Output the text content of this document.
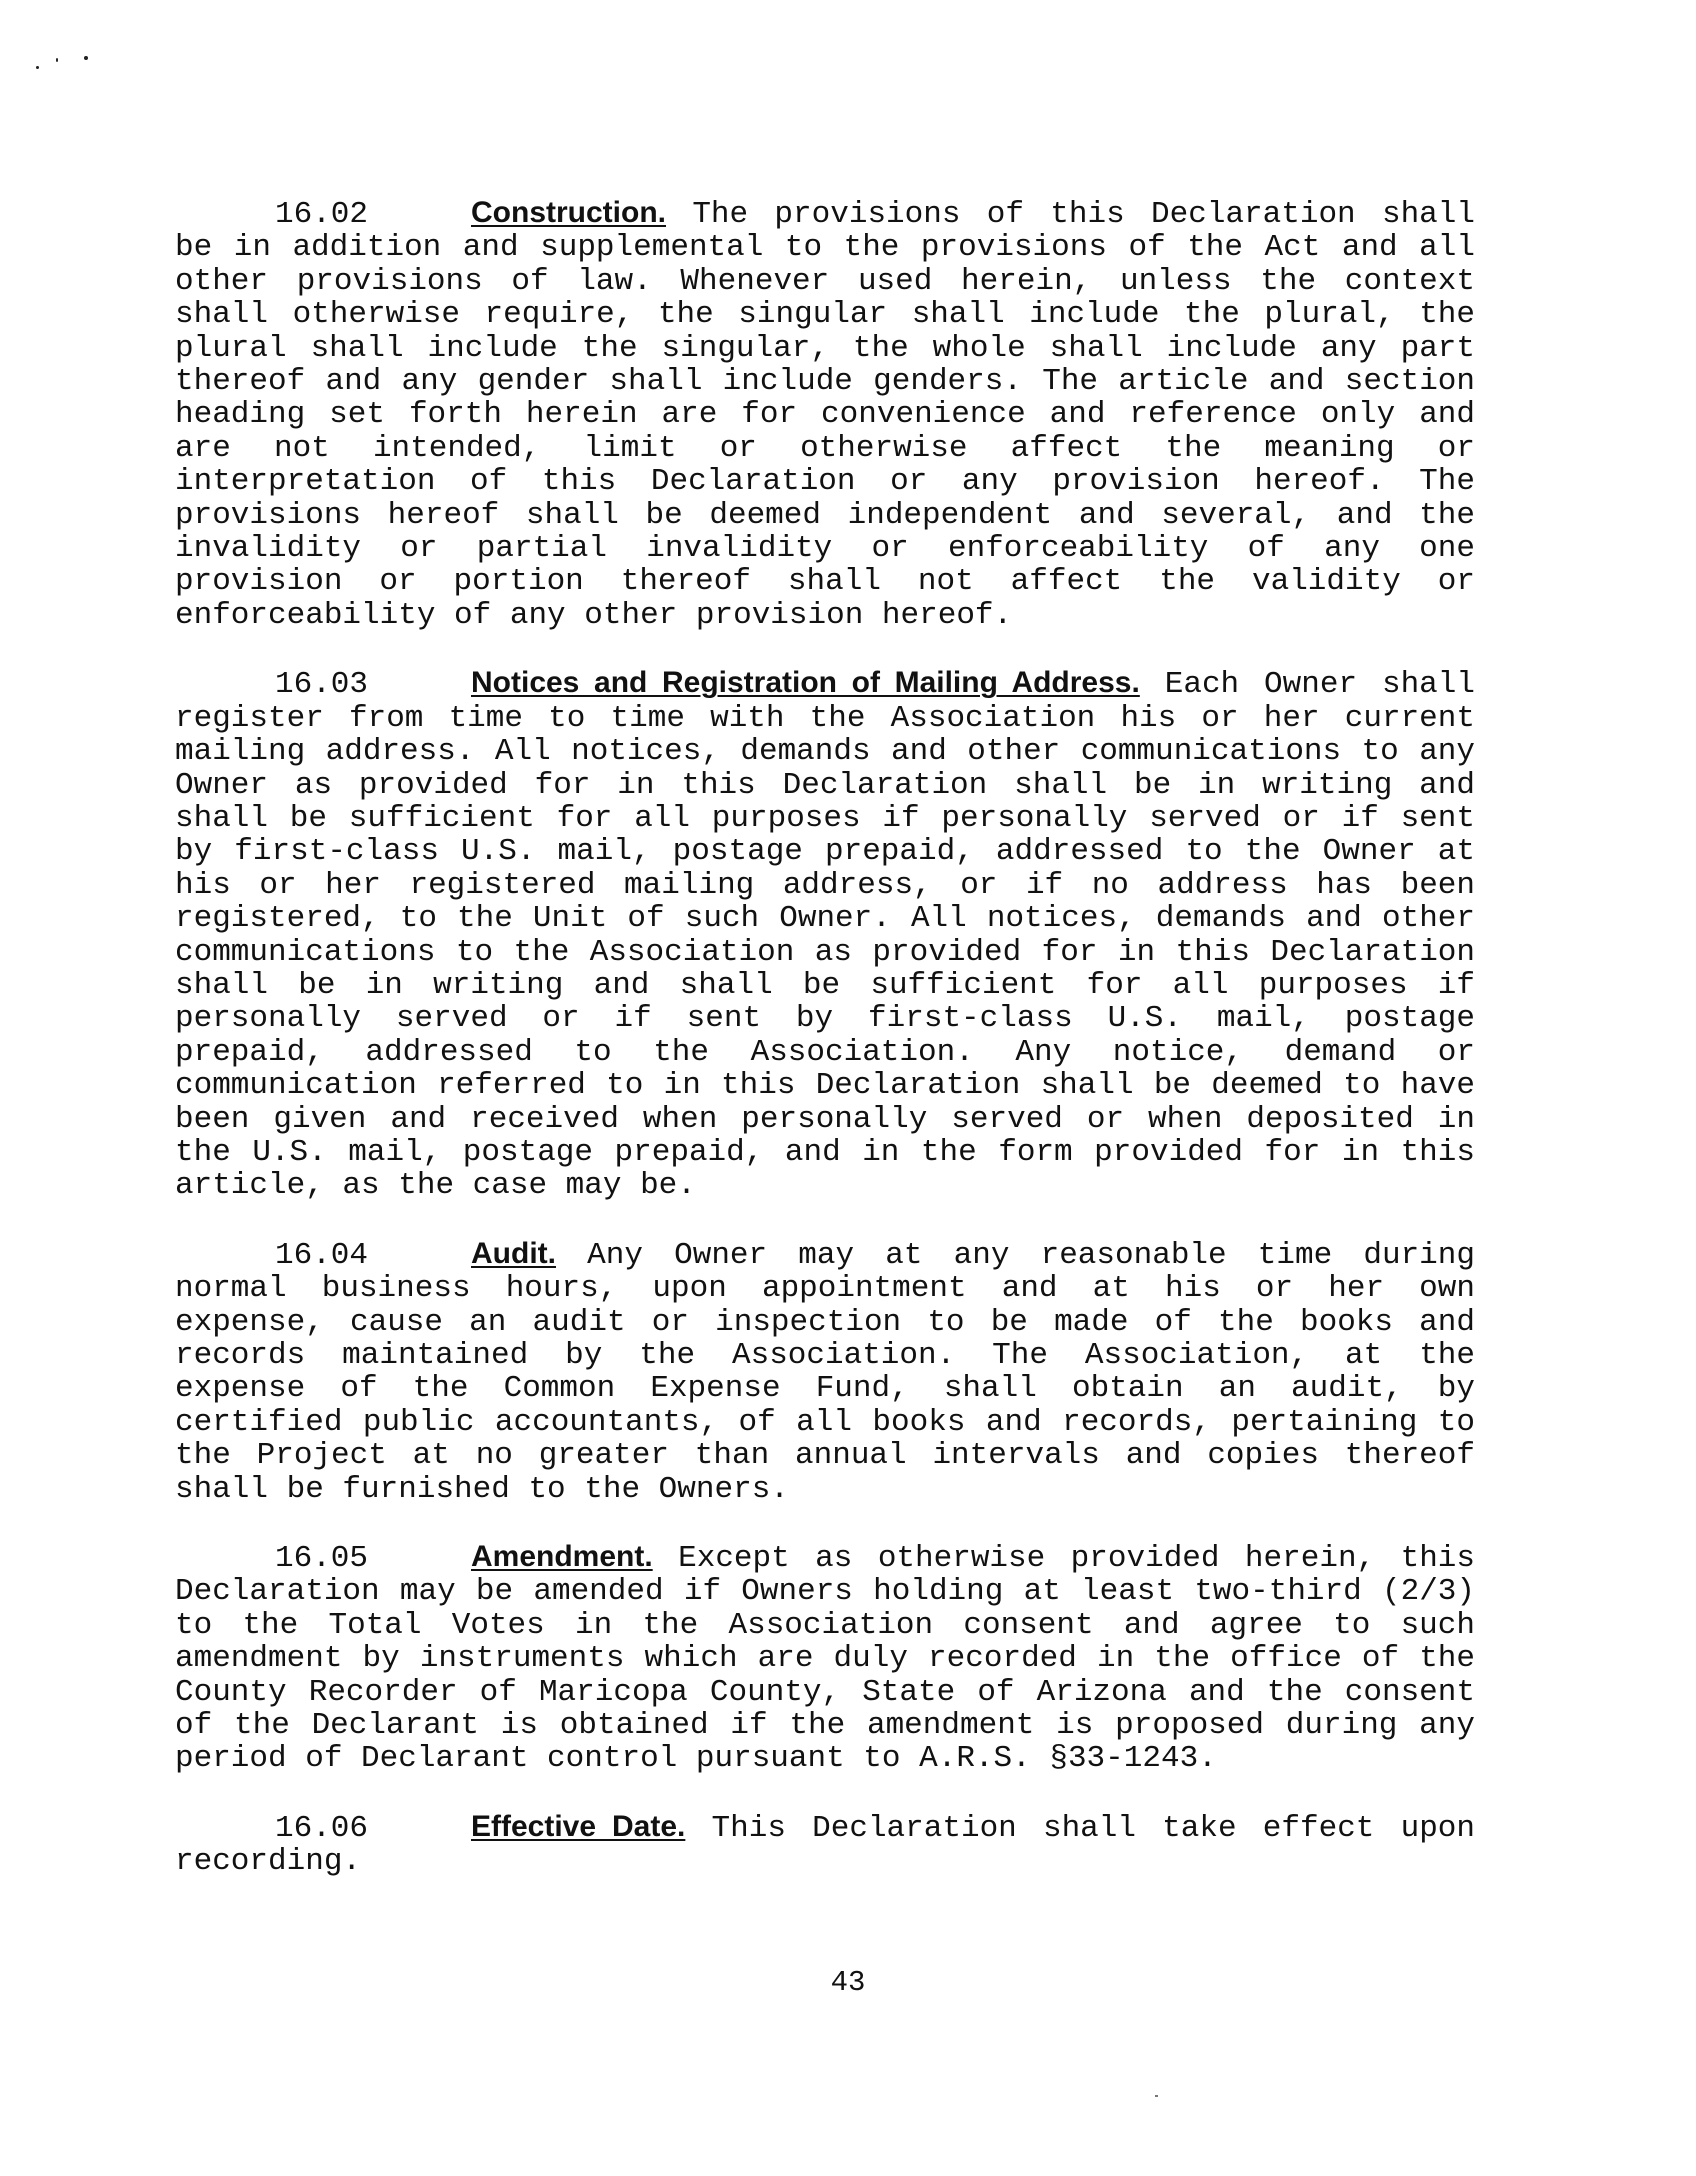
16.02	Construction. The provisions of this Declaration shall be in addition and supplemental to the provisions of the Act and all other provisions of law. Whenever used herein, unless the context shall otherwise require, the singular shall include the plural, the plural shall include the singular, the whole shall include any part thereof and any gender shall include genders. The article and section heading set forth herein are for convenience and reference only and are not intended, limit or otherwise affect the meaning or interpretation of this Declaration or any provision hereof. The provisions hereof shall be deemed independent and several, and the invalidity or partial invalidity or enforceability of any one provision or portion thereof shall not affect the validity or enforceability of any other provision hereof.

16.03	Notices and Registration of Mailing Address. Each Owner shall register from time to time with the Association his or her current mailing address. All notices, demands and other communications to any Owner as provided for in this Declaration shall be in writing and shall be sufficient for all purposes if personally served or if sent by first-class U.S. mail, postage prepaid, addressed to the Owner at his or her registered mailing address, or if no address has been registered, to the Unit of such Owner. All notices, demands and other communications to the Association as provided for in this Declaration shall be in writing and shall be sufficient for all purposes if personally served or if sent by first-class U.S. mail, postage prepaid, addressed to the Association. Any notice, demand or communication referred to in this Declaration shall be deemed to have been given and received when personally served or when deposited in the U.S. mail, postage prepaid, and in the form provided for in this article, as the case may be.

16.04	Audit. Any Owner may at any reasonable time during normal business hours, upon appointment and at his or her own expense, cause an audit or inspection to be made of the books and records maintained by the Association. The Association, at the expense of the Common Expense Fund, shall obtain an audit, by certified public accountants, of all books and records, pertaining to the Project at no greater than annual intervals and copies thereof shall be furnished to the Owners.

16.05	Amendment. Except as otherwise provided herein, this Declaration may be amended if Owners holding at least two-third (2/3) to the Total Votes in the Association consent and agree to such amendment by instruments which are duly recorded in the office of the County Recorder of Maricopa County, State of Arizona and the consent of the Declarant is obtained if the amendment is proposed during any period of Declarant control pursuant to A.R.S. §33-1243.

16.06	Effective Date. This Declaration shall take effect upon recording.

43
